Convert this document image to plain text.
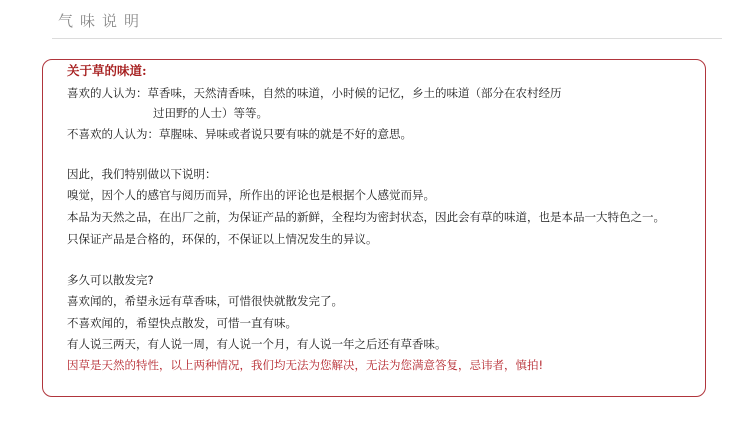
气味说明
关于草的味道:
喜欢的人认为：草香味，天然清香味，自然的味道，小时候的记忆，乡土的味道（部分在农村经历
过田野的人士）等等。
不喜欢的人认为：草腥味、异味或者说只要有味的就是不好的意思。
因此，我们特别做以下说明：
嗅觉，因个人的感官与阅历而异，所作出的评论也是根据个人感觉而异。
本品为天然之品，在出厂之前，为保证产品的新鲜，全程均为密封状态，因此会有草的味道，也是本品一大特色之一。
只保证产品是合格的，环保的，不保证以上情况发生的异议。
多久可以散发完?
喜欢闻的，希望永远有草香味，可惜很快就散发完了。
不喜欢闻的，希望快点散发，可惜一直有味。
有人说三两天，有人说一周，有人说一个月，有人说一年之后还有草香味。
因草是天然的特性，以上两种情况，我们均无法为您解决，无法为您满意答复，忌讳者，慎拍!
